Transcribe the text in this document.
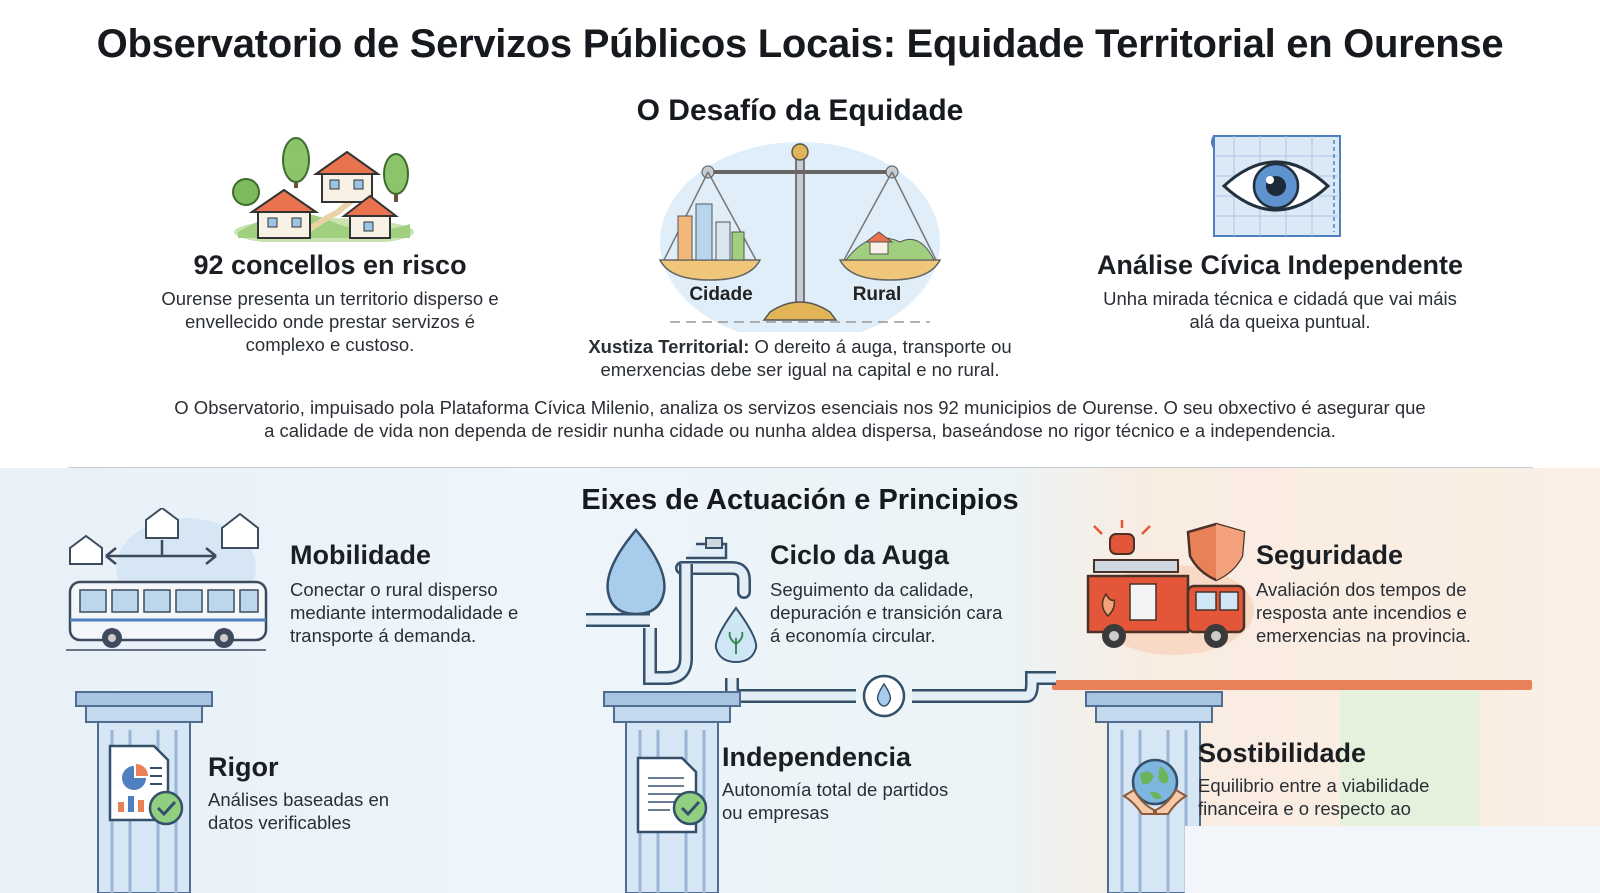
Observatorio de Servizos Públicos Locais: Equidade Territorial en Ourense
O Desafío da Equidade
92 concellos en risco
Ourense presenta un territorio disperso e
envellecido onde prestar servizos é
complexo e custoso.
Cidade	Rural
Xustiza Territorial: O dereito á auga, transporte ou
emerxencias debe ser igual na capital e no rural.
Análise Cívica Independente
Unha mirada técnica e cidadá que vai máis
alá da queixa puntual.
O Observatorio, impuisado pola Plataforma Cívica Milenio, analiza os servizos esenciais nos 92 municipios de Ourense. O seu obxectivo é asegurar que
a calidade de vida non dependa de residir nunha cidade ou nunha aldea dispersa, baseándose no rigor técnico e a independencia.
Eixes de Actuación e Principios
Mobilidade
Conectar o rural disperso
mediante intermodalidade e
transporte á demanda.
Ciclo da Auga
Seguimento da calidade,
depuración e transición cara
á economía circular.
Seguridade
Avaliación dos tempos de
resposta ante incendios e
emerxencias na provincia.
Rigor
Análises baseadas en
datos verificables
Independencia
Autonomía total de partidos
ou empresas
Sostibilidade
Equilibrio entre a viabilidade
financeira e o respecto ao
